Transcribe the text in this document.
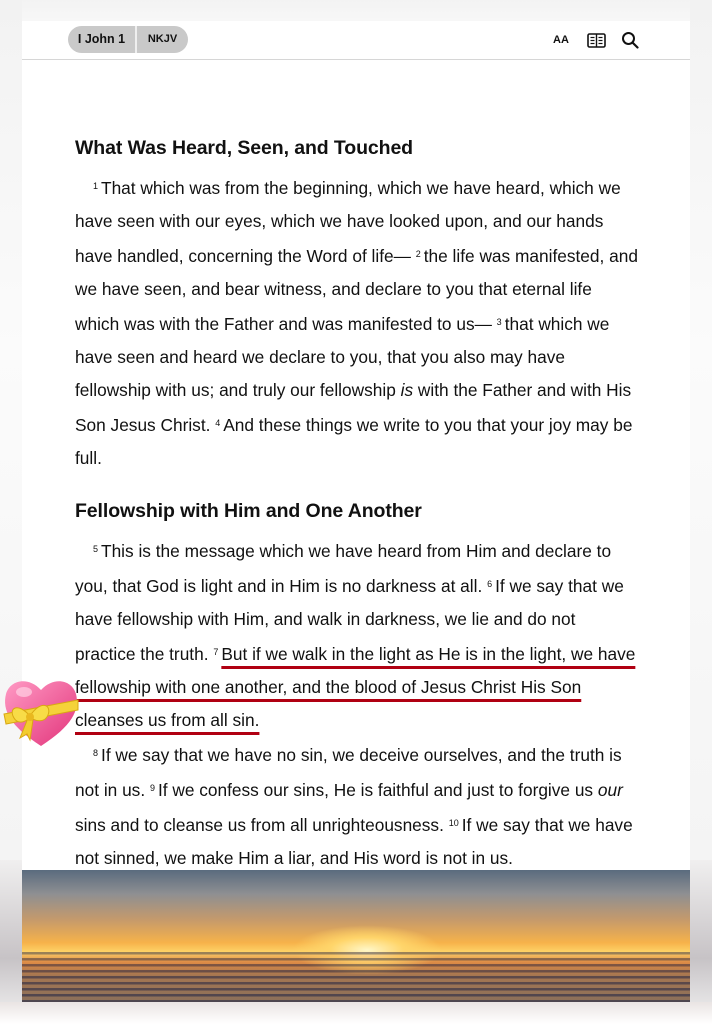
I John 1	NKJV	AA
What Was Heard, Seen, and Touched

$^1$ That which was from the beginning, which we have heard, which we have seen with our eyes, which we have looked upon, and our hands have handled, concerning the Word of life— $^2$ the life was manifested, and we have seen, and bear witness, and declare to you that eternal life which was with the Father and was manifested to us— $^3$ that which we have seen and heard we declare to you, that you also may have fellowship with us; and truly our fellowship is with the Father and with His Son Jesus Christ. $^4$ And these things we write to you that your joy may be full.

Fellowship with Him and One Another

$^5$ This is the message which we have heard from Him and declare to you, that God is light and in Him is no darkness at all. $^6$ If we say that we have fellowship with Him, and walk in darkness, we lie and do not practice the truth. $^7$ But if we walk in the light as He is in the light, we have fellowship with one another, and the blood of Jesus Christ His Son cleanses us from all sin.

$^8$ If we say that we have no sin, we deceive ourselves, and the truth is not in us. $^9$ If we confess our sins, He is faithful and just to forgive us our sins and to cleanse us from all unrighteousness. $^{10}$ If we say that we have not sinned, we make Him a liar, and His word is not in us.
